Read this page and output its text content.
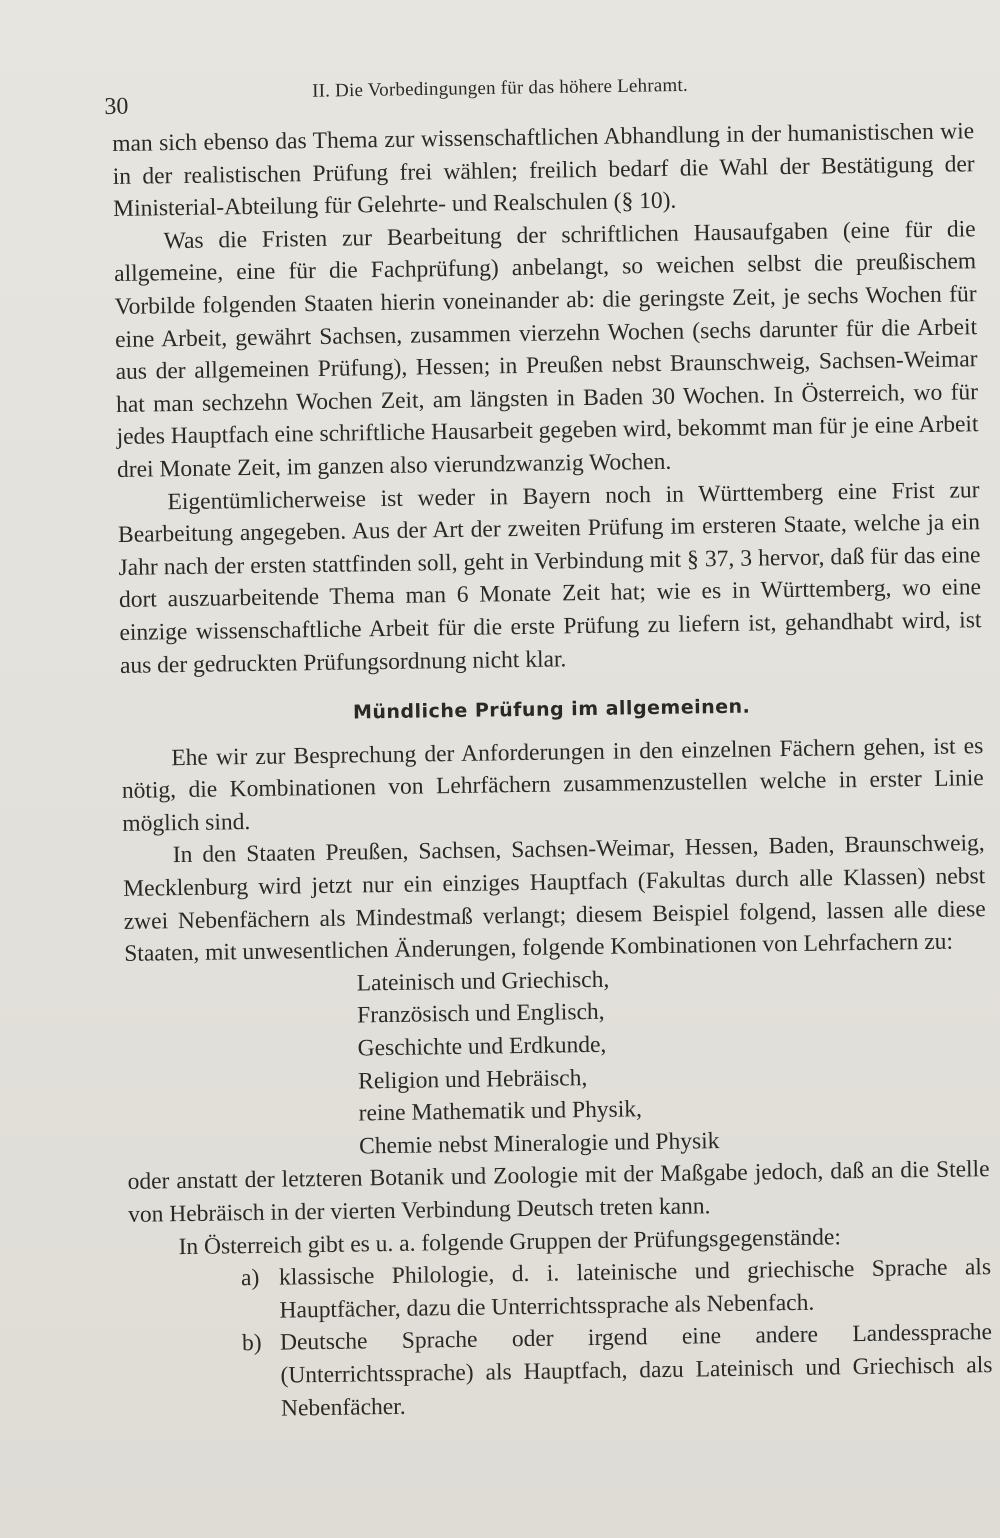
30
II. Die Vorbedingungen für das höhere Lehramt.

man sich ebenso das Thema zur wissenschaftlichen Abhandlung in der humanistischen wie in der realistischen Prüfung frei wählen; freilich bedarf die Wahl der Bestätigung der Ministerial-Abteilung für Gelehrte- und Realschulen (§ 10).

Was die Fristen zur Bearbeitung der schriftlichen Hausaufgaben (eine für die allgemeine, eine für die Fachprüfung) anbelangt, so weichen selbst die preußischem Vorbilde folgenden Staaten hierin voneinander ab: die geringste Zeit, je sechs Wochen für eine Arbeit, gewährt Sachsen, zusammen vierzehn Wochen (sechs darunter für die Arbeit aus der allgemeinen Prüfung), Hessen; in Preußen nebst Braunschweig, Sachsen-Weimar hat man sechzehn Wochen Zeit, am längsten in Baden 30 Wochen. In Österreich, wo für jedes Hauptfach eine schriftliche Hausarbeit gegeben wird, bekommt man für je eine Arbeit drei Monate Zeit, im ganzen also vierundzwanzig Wochen.

Eigentümlicherweise ist weder in Bayern noch in Württemberg eine Frist zur Bearbeitung angegeben. Aus der Art der zweiten Prüfung im ersteren Staate, welche ja ein Jahr nach der ersten stattfinden soll, geht in Verbindung mit § 37, 3 hervor, daß für das eine dort auszuarbeitende Thema man 6 Monate Zeit hat; wie es in Württemberg, wo eine einzige wissenschaftliche Arbeit für die erste Prüfung zu liefern ist, gehandhabt wird, ist aus der gedruckten Prüfungsordnung nicht klar.

Mündliche Prüfung im allgemeinen.

Ehe wir zur Besprechung der Anforderungen in den einzelnen Fächern gehen, ist es nötig, die Kombinationen von Lehrfächern zusammenzustellen welche in erster Linie möglich sind.

In den Staaten Preußen, Sachsen, Sachsen-Weimar, Hessen, Baden, Braunschweig, Mecklenburg wird jetzt nur ein einziges Hauptfach (Fakultas durch alle Klassen) nebst zwei Nebenfächern als Mindestmaß verlangt; diesem Beispiel folgend, lassen alle diese Staaten, mit unwesentlichen Änderungen, folgende Kombinationen von Lehrfachern zu:

Lateinisch und Griechisch,
Französisch und Englisch,
Geschichte und Erdkunde,
Religion und Hebräisch,
reine Mathematik und Physik,
Chemie nebst Mineralogie und Physik

oder anstatt der letzteren Botanik und Zoologie mit der Maßgabe jedoch, daß an die Stelle von Hebräisch in der vierten Verbindung Deutsch treten kann.

In Österreich gibt es u. a. folgende Gruppen der Prüfungsgegenstände:

a) klassische Philologie, d. i. lateinische und griechische Sprache als Hauptfächer, dazu die Unterrichtssprache als Nebenfach.
b) Deutsche Sprache oder irgend eine andere Landessprache (Unterrichtssprache) als Hauptfach, dazu Lateinisch und Griechisch als Nebenfächer.
